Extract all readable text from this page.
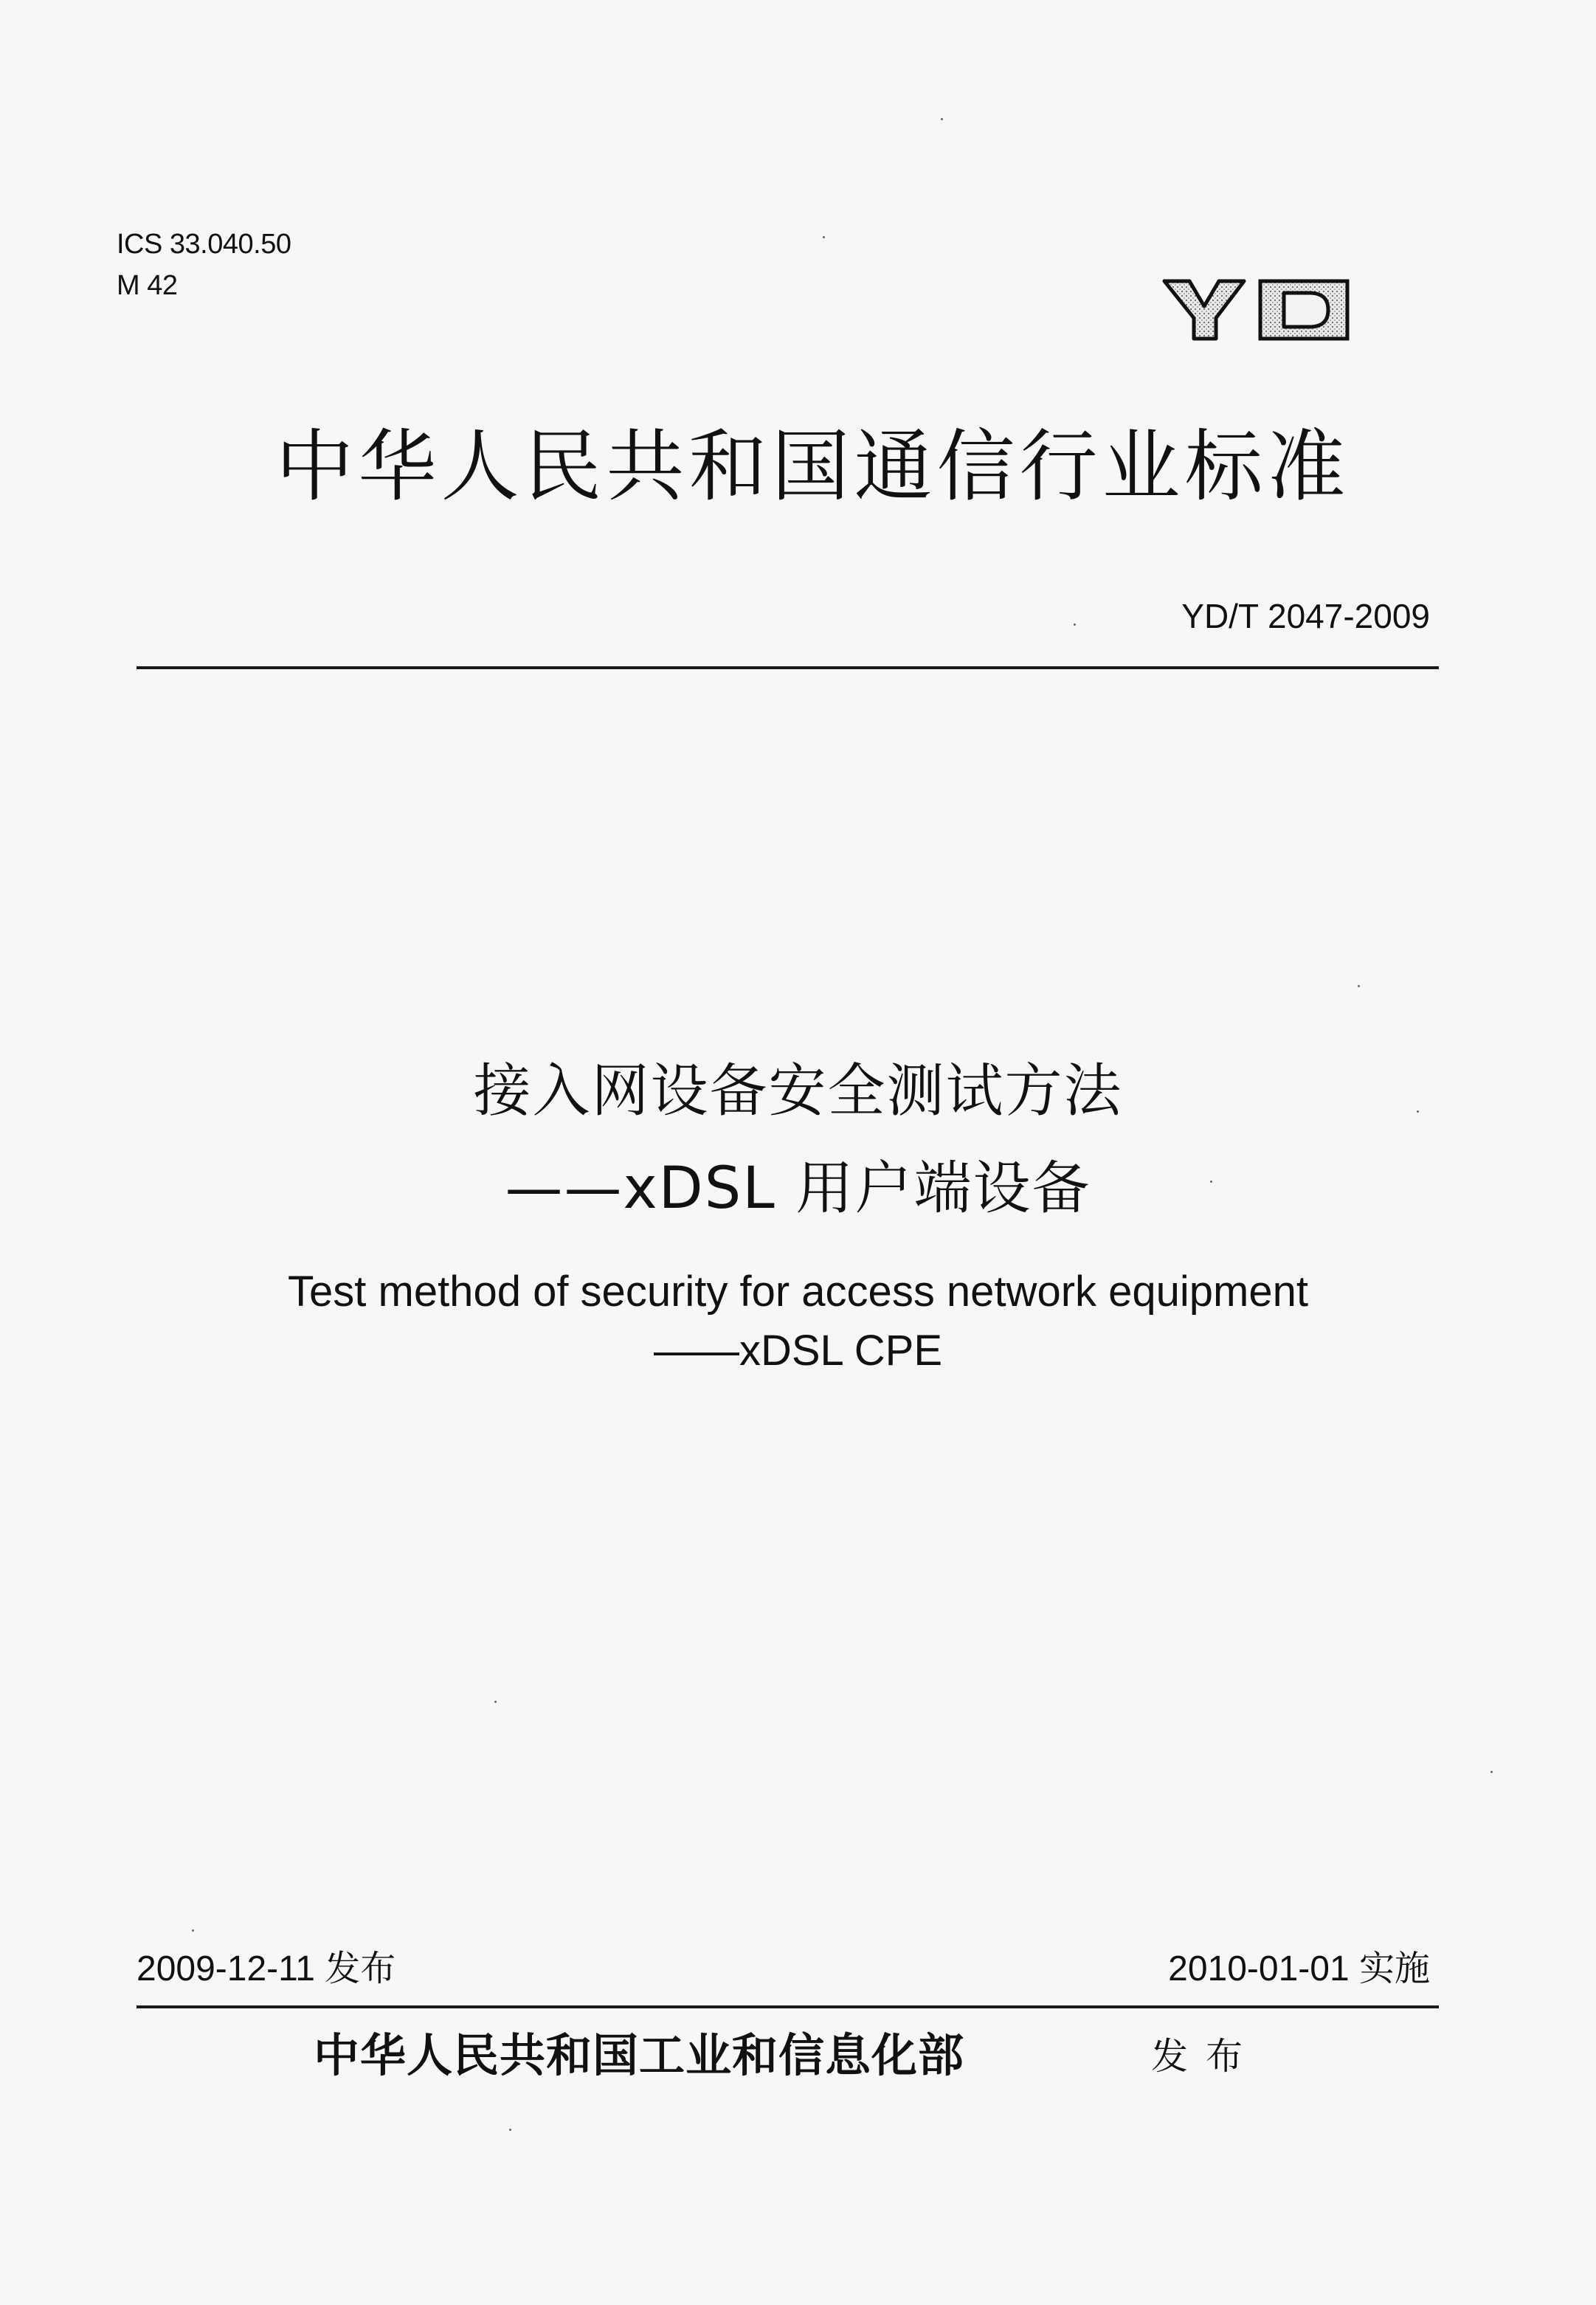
ICS 33.040.50
M 42
中华人民共和国通信行业标准
YD/T 2047-2009
接入网设备安全测试方法
——xDSL 用户端设备
Test method of security for access network equipment
——xDSL CPE
2009-12-11 发布	2010-01-01 实施
中华人民共和国工业和信息化部	发布
